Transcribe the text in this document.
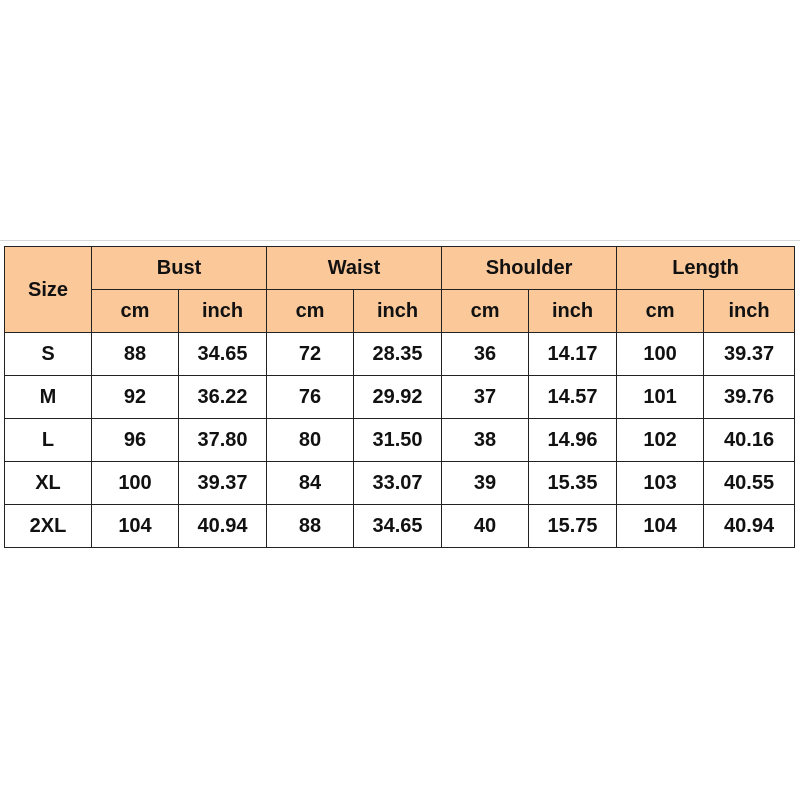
Size	Bust		Waist		Shoulder		Length	
	cm	inch	cm	inch	cm	inch	cm	inch
S	88	34.65	72	28.35	36	14.17	100	39.37
M	92	36.22	76	29.92	37	14.57	101	39.76
L	96	37.80	80	31.50	38	14.96	102	40.16
XL	100	39.37	84	33.07	39	15.35	103	40.55
2XL	104	40.94	88	34.65	40	15.75	104	40.94
